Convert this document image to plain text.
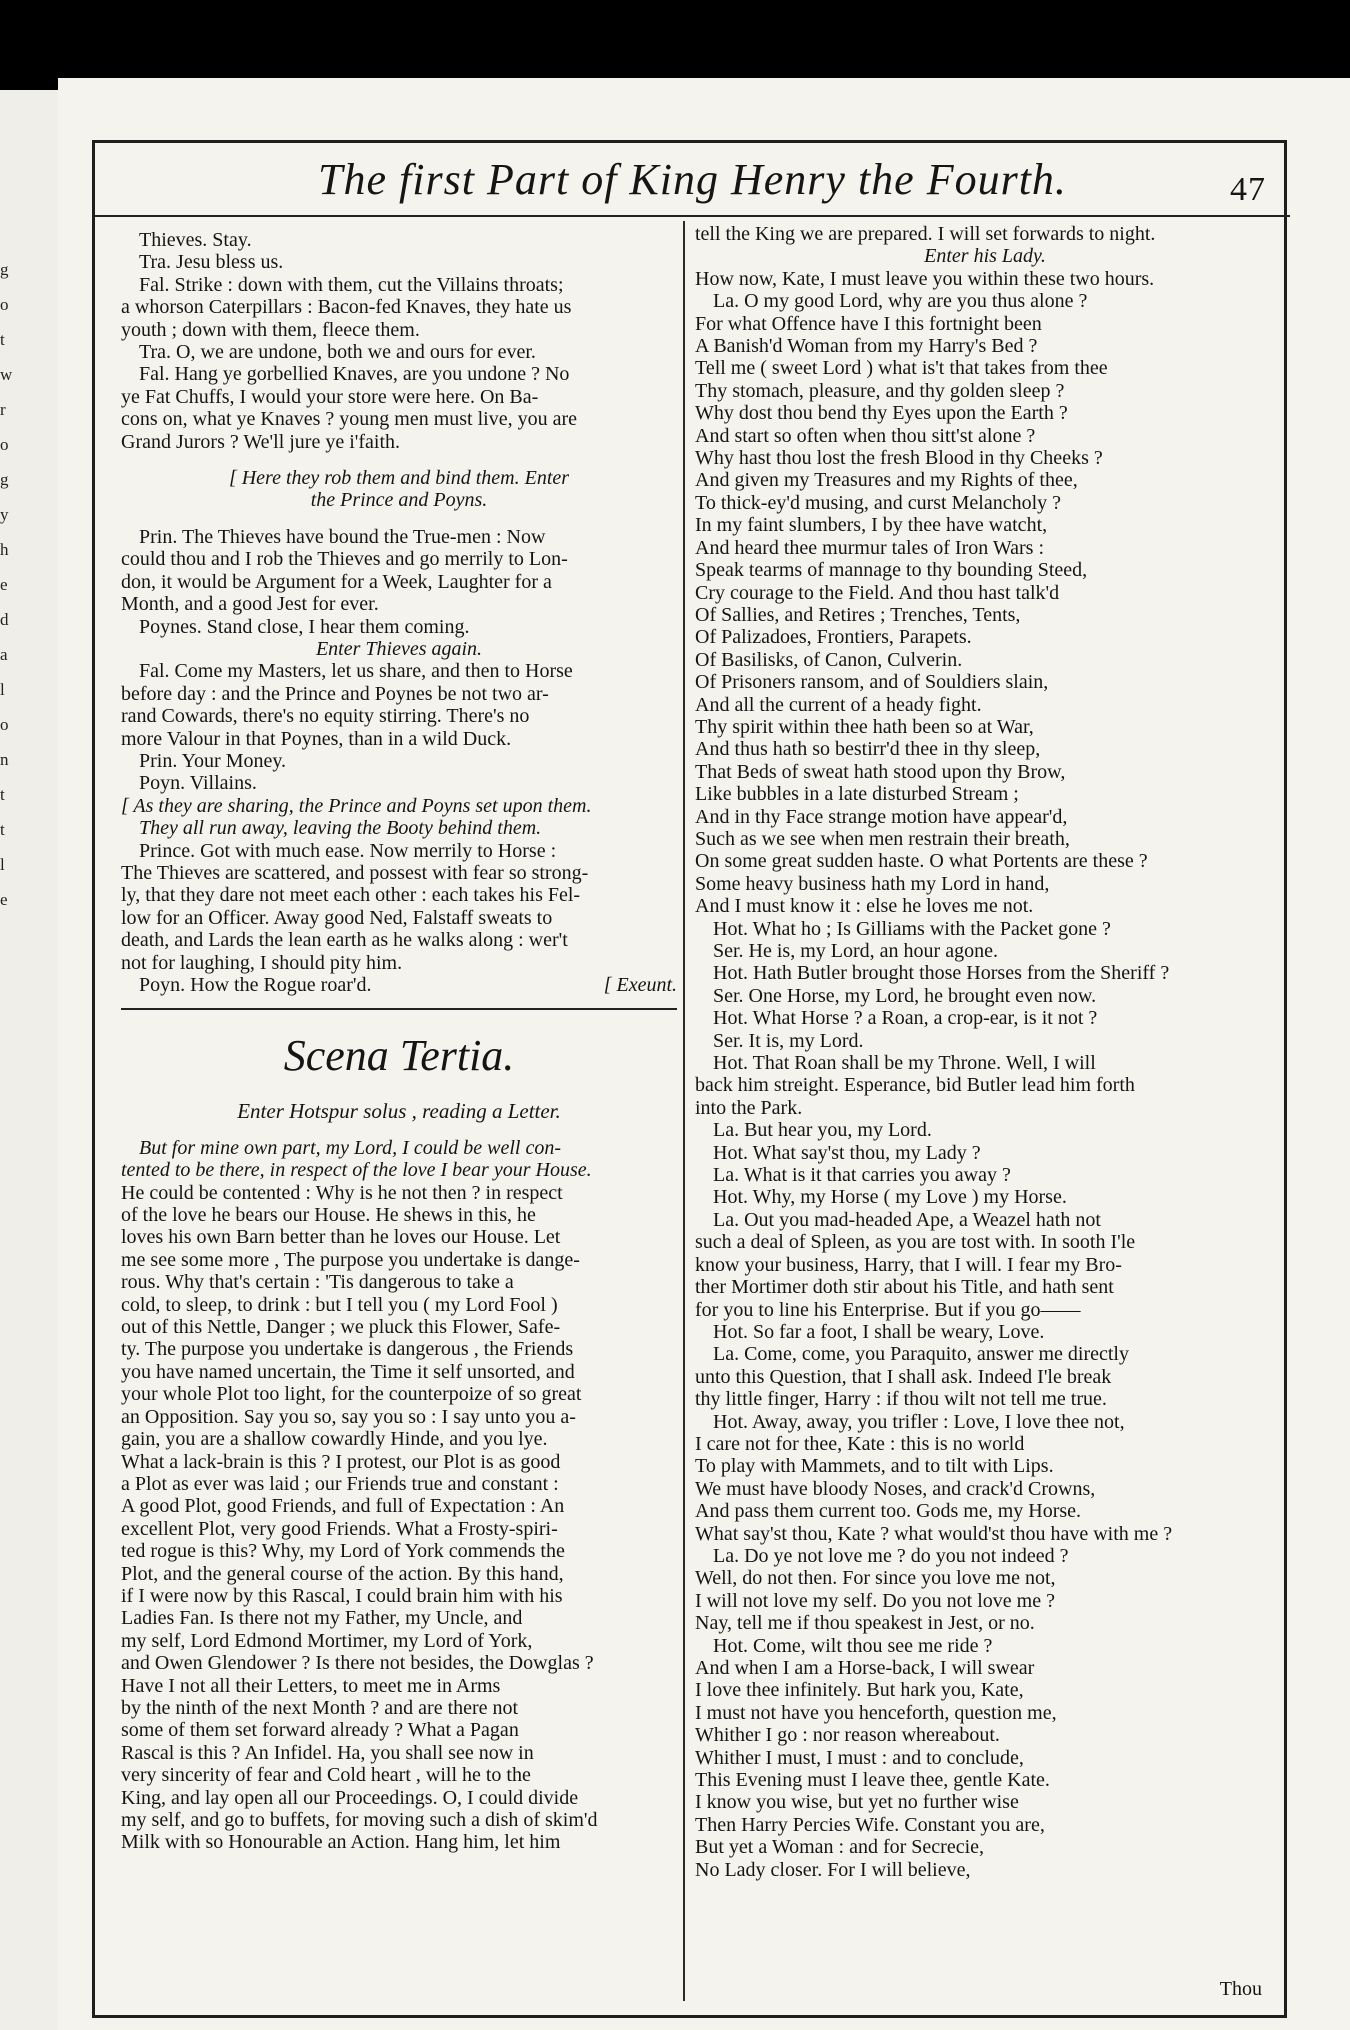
g
o
t
w
r
o
g
y
h
e
d
a
l
o
n
t
t
l
e
The first Part of King Henry the Fourth.	47
Thieves. Stay.
Tra. Jesu bless us.
Fal. Strike : down with them, cut the Villains throats;
a whorson Caterpillars : Bacon-fed Knaves, they hate us
youth ; down with them, fleece them.
Tra. O, we are undone, both we and ours for ever.
Fal. Hang ye gorbellied Knaves, are you undone ? No
ye Fat Chuffs, I would your store were here. On Ba-
cons on, what ye Knaves ? young men must live, you are
Grand Jurors ? We'll jure ye i'faith.
[ Here they rob them and bind them. Enter
the Prince and Poyns.
Prin. The Thieves have bound the True-men : Now
could thou and I rob the Thieves and go merrily to Lon-
don, it would be Argument for a Week, Laughter for a
Month, and a good Jest for ever.
Poynes. Stand close, I hear them coming.
Enter Thieves again.
Fal. Come my Masters, let us share, and then to Horse
before day : and the Prince and Poynes be not two ar-
rand Cowards, there's no equity stirring. There's no
more Valour in that Poynes, than in a wild Duck.
Prin. Your Money.
Poyn. Villains.
[ As they are sharing, the Prince and Poyns set upon them.
They all run away, leaving the Booty behind them.
Prince. Got with much ease. Now merrily to Horse :
The Thieves are scattered, and possest with fear so strong-
ly, that they dare not meet each other : each takes his Fel-
low for an Officer. Away good Ned, Falstaff sweats to
death, and Lards the lean earth as he walks along : wer't
not for laughing, I should pity him.
Poyn. How the Rogue roar'd.	[ Exeunt.
Scena Tertia.
Enter Hotspur solus , reading a Letter.
But for mine own part, my Lord, I could be well con-
tented to be there, in respect of the love I bear your House.
He could be contented : Why is he not then ? in respect
of the love he bears our House. He shews in this, he
loves his own Barn better than he loves our House. Let
me see some more , The purpose you undertake is dange-
rous. Why that's certain : 'Tis dangerous to take a
cold, to sleep, to drink : but I tell you ( my Lord Fool )
out of this Nettle, Danger ; we pluck this Flower, Safe-
ty. The purpose you undertake is dangerous , the Friends
you have named uncertain, the Time it self unsorted, and
your whole Plot too light, for the counterpoize of so great
an Opposition. Say you so, say you so : I say unto you a-
gain, you are a shallow cowardly Hinde, and you lye.
What a lack-brain is this ? I protest, our Plot is as good
a Plot as ever was laid ; our Friends true and constant :
A good Plot, good Friends, and full of Expectation : An
excellent Plot, very good Friends. What a Frosty-spiri-
ted rogue is this? Why, my Lord of York commends the
Plot, and the general course of the action. By this hand,
if I were now by this Rascal, I could brain him with his
Ladies Fan. Is there not my Father, my Uncle, and
my self, Lord Edmond Mortimer, my Lord of York,
and Owen Glendower ? Is there not besides, the Dowglas ?
Have I not all their Letters, to meet me in Arms
by the ninth of the next Month ? and are there not
some of them set forward already ? What a Pagan
Rascal is this ? An Infidel. Ha, you shall see now in
very sincerity of fear and Cold heart , will he to the
King, and lay open all our Proceedings. O, I could divide
my self, and go to buffets, for moving such a dish of skim'd
Milk with so Honourable an Action. Hang him, let him
tell the King we are prepared. I will set forwards to night.
Enter his Lady.
How now, Kate, I must leave you within these two hours.
La. O my good Lord, why are you thus alone ?
For what Offence have I this fortnight been
A Banish'd Woman from my Harry's Bed ?
Tell me ( sweet Lord ) what is't that takes from thee
Thy stomach, pleasure, and thy golden sleep ?
Why dost thou bend thy Eyes upon the Earth ?
And start so often when thou sitt'st alone ?
Why hast thou lost the fresh Blood in thy Cheeks ?
And given my Treasures and my Rights of thee,
To thick-ey'd musing, and curst Melancholy ?
In my faint slumbers, I by thee have watcht,
And heard thee murmur tales of Iron Wars :
Speak tearms of mannage to thy bounding Steed,
Cry courage to the Field. And thou hast talk'd
Of Sallies, and Retires ; Trenches, Tents,
Of Palizadoes, Frontiers, Parapets.
Of Basilisks, of Canon, Culverin.
Of Prisoners ransom, and of Souldiers slain,
And all the current of a heady fight.
Thy spirit within thee hath been so at War,
And thus hath so bestirr'd thee in thy sleep,
That Beds of sweat hath stood upon thy Brow,
Like bubbles in a late disturbed Stream ;
And in thy Face strange motion have appear'd,
Such as we see when men restrain their breath,
On some great sudden haste. O what Portents are these ?
Some heavy business hath my Lord in hand,
And I must know it : else he loves me not.
Hot. What ho ; Is Gilliams with the Packet gone ?
Ser. He is, my Lord, an hour agone.
Hot. Hath Butler brought those Horses from the Sheriff ?
Ser. One Horse, my Lord, he brought even now.
Hot. What Horse ? a Roan, a crop-ear, is it not ?
Ser. It is, my Lord.
Hot. That Roan shall be my Throne. Well, I will
back him streight. Esperance, bid Butler lead him forth
into the Park.
La. But hear you, my Lord.
Hot. What say'st thou, my Lady ?
La. What is it that carries you away ?
Hot. Why, my Horse ( my Love ) my Horse.
La. Out you mad-headed Ape, a Weazel hath not
such a deal of Spleen, as you are tost with. In sooth I'le
know your business, Harry, that I will. I fear my Bro-
ther Mortimer doth stir about his Title, and hath sent
for you to line his Enterprise. But if you go——
Hot. So far a foot, I shall be weary, Love.
La. Come, come, you Paraquito, answer me directly
unto this Question, that I shall ask. Indeed I'le break
thy little finger, Harry : if thou wilt not tell me true.
Hot. Away, away, you trifler : Love, I love thee not,
I care not for thee, Kate : this is no world
To play with Mammets, and to tilt with Lips.
We must have bloody Noses, and crack'd Crowns,
And pass them current too. Gods me, my Horse.
What say'st thou, Kate ? what would'st thou have with me ?
La. Do ye not love me ? do you not indeed ?
Well, do not then. For since you love me not,
I will not love my self. Do you not love me ?
Nay, tell me if thou speakest in Jest, or no.
Hot. Come, wilt thou see me ride ?
And when I am a Horse-back, I will swear
I love thee infinitely. But hark you, Kate,
I must not have you henceforth, question me,
Whither I go : nor reason whereabout.
Whither I must, I must : and to conclude,
This Evening must I leave thee, gentle Kate.
I know you wise, but yet no further wise
Then Harry Percies Wife. Constant you are,
But yet a Woman : and for Secrecie,
No Lady closer. For I will believe,
Thou
